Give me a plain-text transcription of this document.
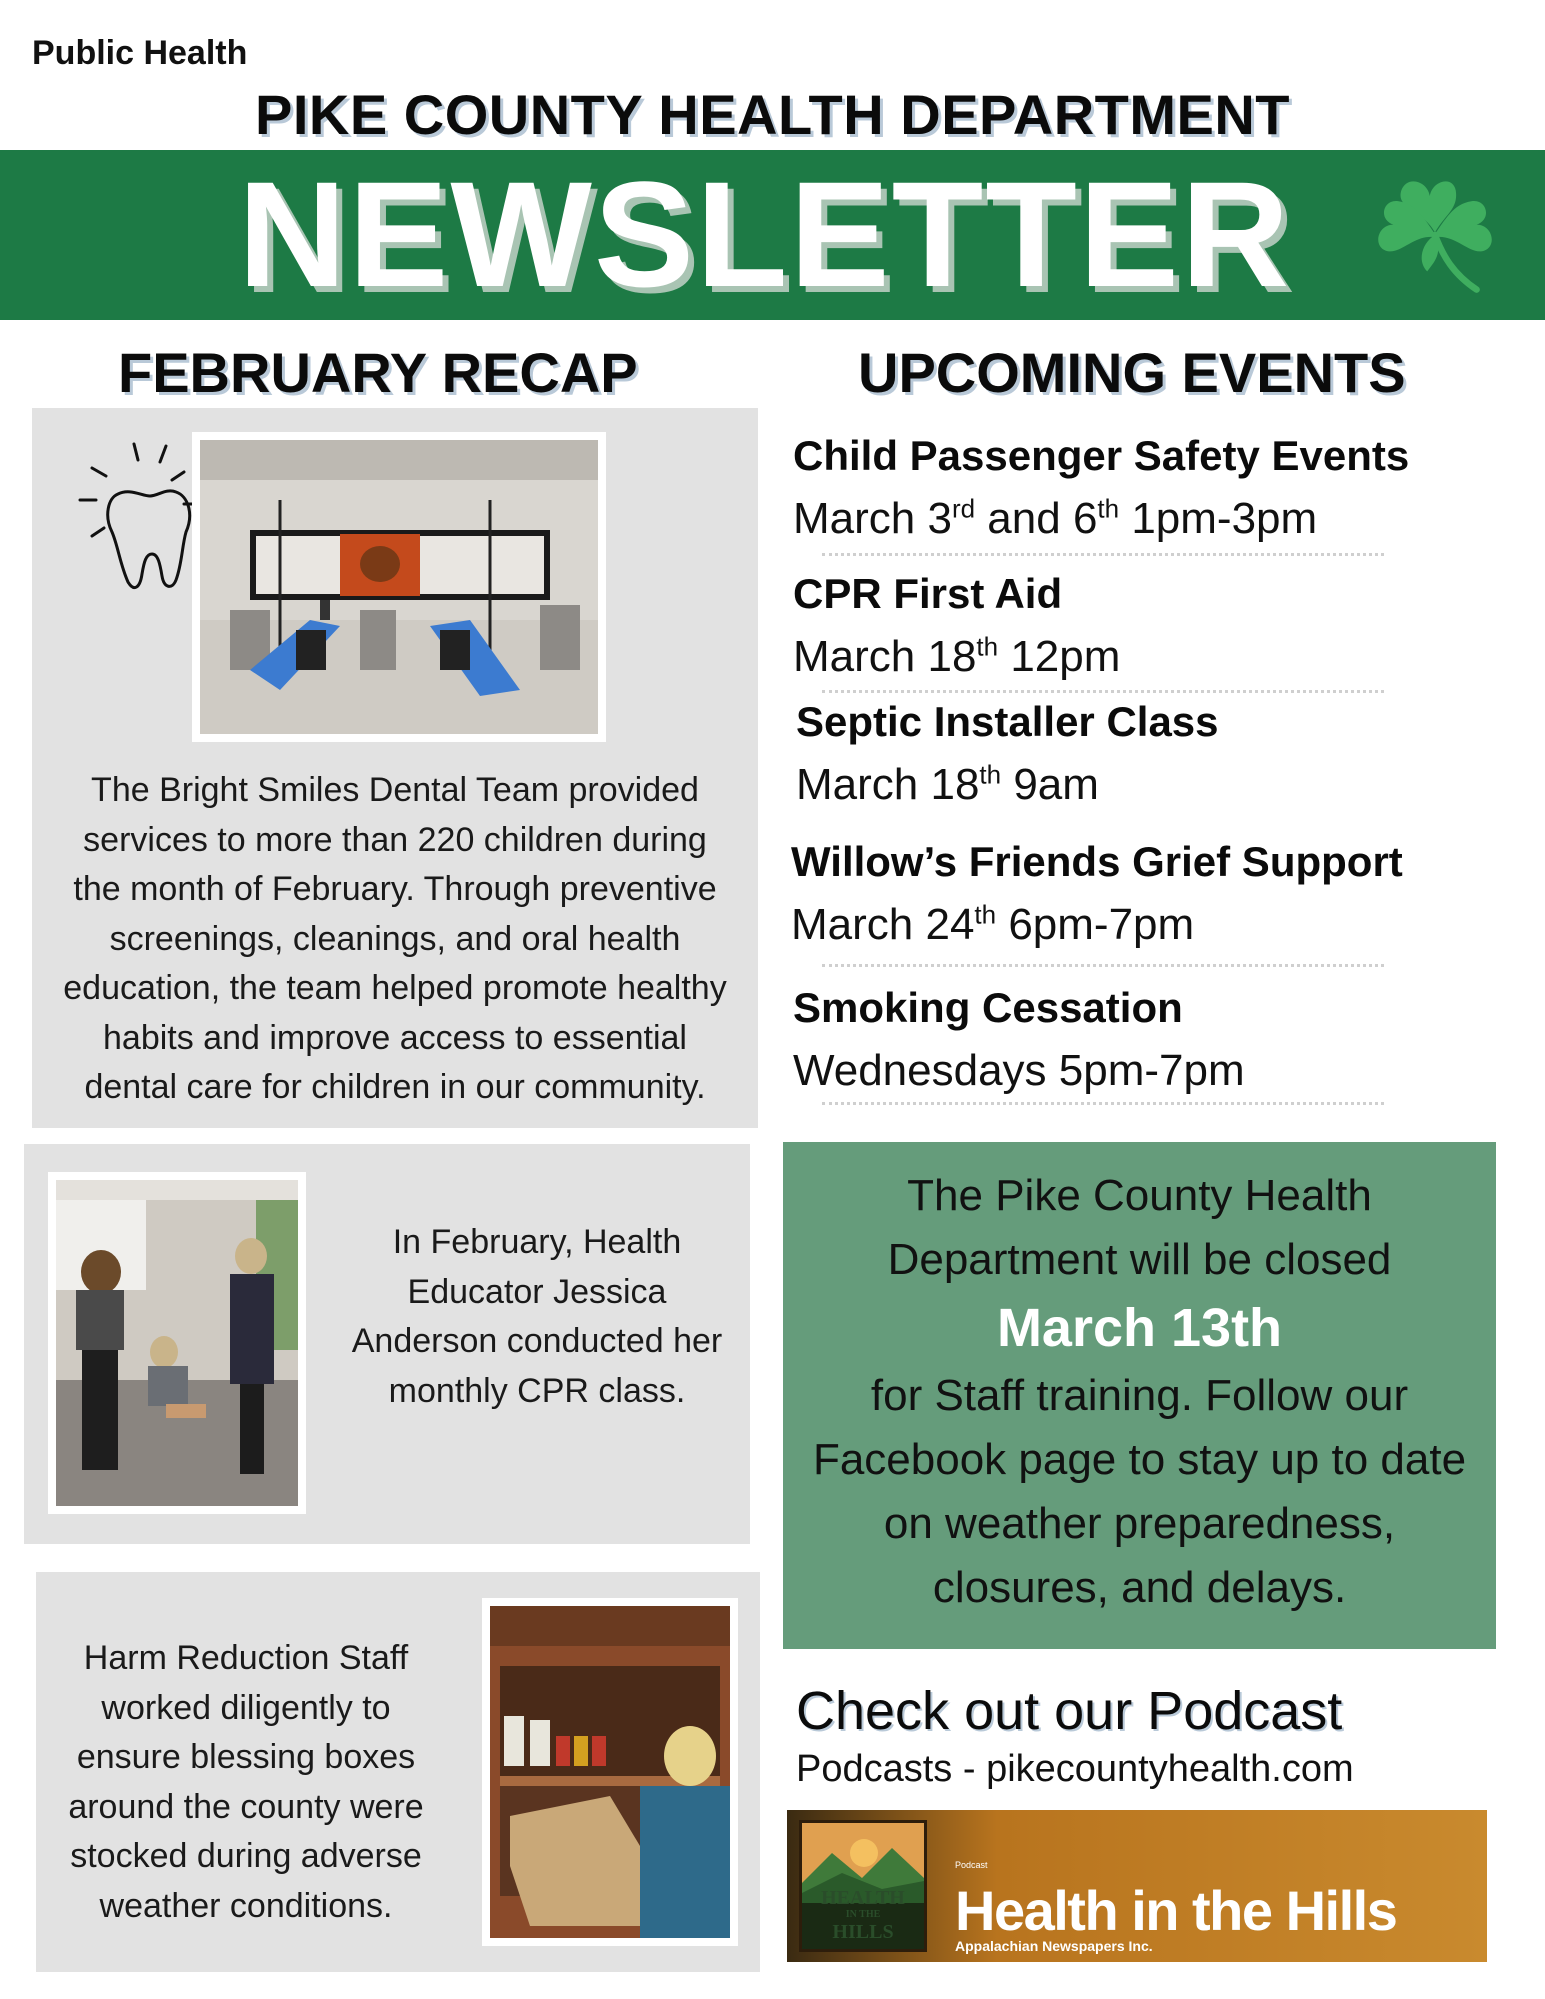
Public Health
PIKE COUNTY HEALTH DEPARTMENT
NEWSLETTER
FEBRUARY RECAP	UPCOMING EVENTS
The Bright Smiles Dental Team provided
services to more than 220 children during
the month of February. Through preventive
screenings, cleanings, and oral health
education, the team helped promote healthy
habits and improve access to essential
dental care for children in our community.
In February, Health
Educator Jessica
Anderson conducted her
monthly CPR class.
Harm Reduction Staff
worked diligently to
ensure blessing boxes
around the county were
stocked during adverse
weather conditions.
Child Passenger Safety Events
March 3rd and 6th 1pm-3pm
CPR First Aid
March 18th 12pm
Septic Installer Class
March 18th 9am
Willow’s Friends Grief Support
March 24th 6pm-7pm
Smoking Cessation
Wednesdays 5pm-7pm
The Pike County Health
Department will be closed
March 13th
for Staff training. Follow our
Facebook page to stay up to date
on weather preparedness,
closures, and delays.
Check out our Podcast
Podcasts - pikecountyhealth.com
HEALTH
IN THE
HILLS
Podcast
Health in the Hills
Appalachian Newspapers Inc.
